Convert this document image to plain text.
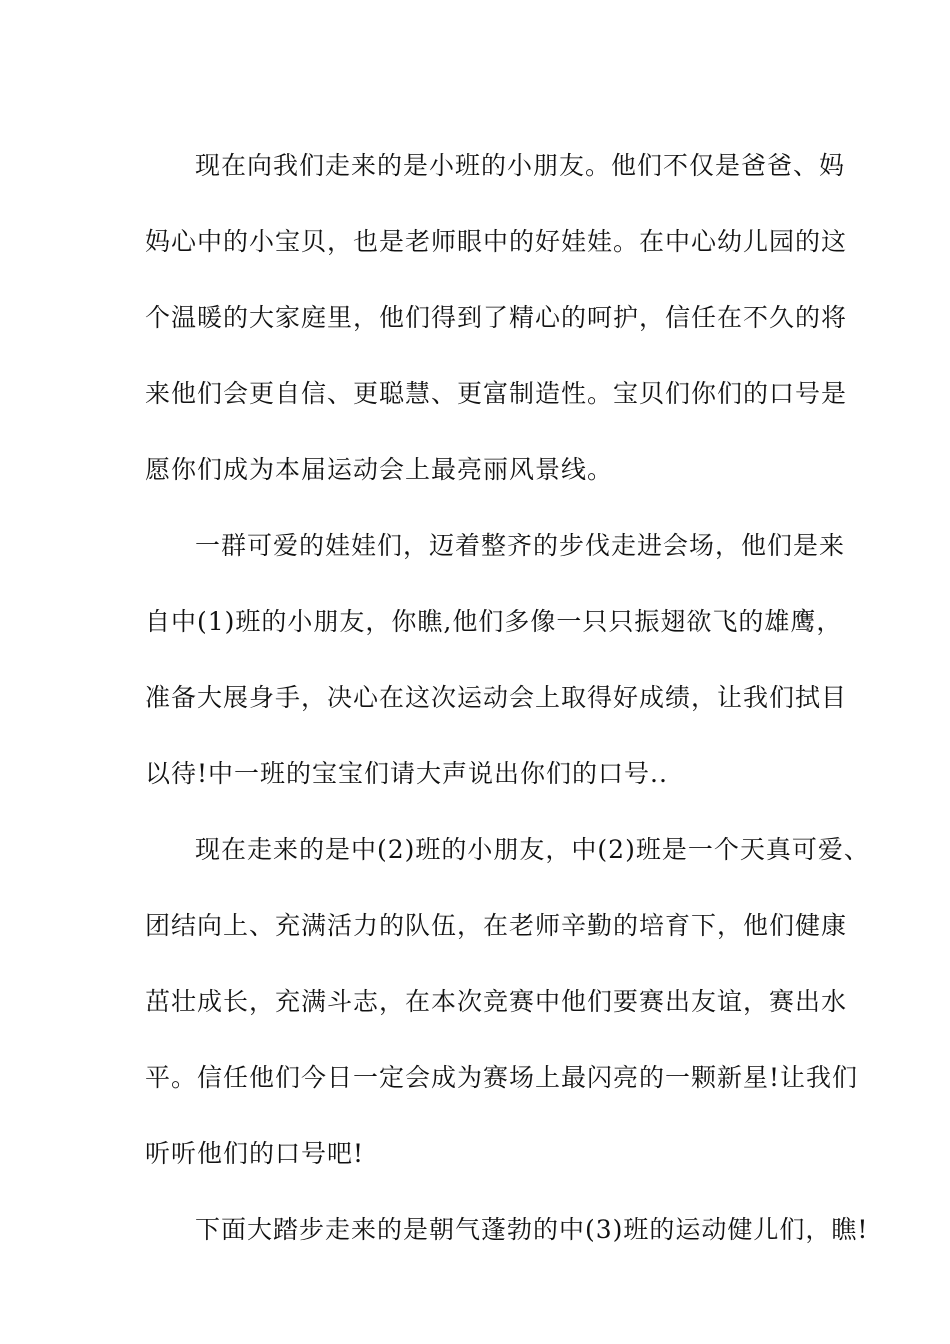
现在向我们走来的是小班的小朋友。他们不仅是爸爸、妈
妈心中的小宝贝，也是老师眼中的好娃娃。在中心幼儿园的这
个温暖的大家庭里，他们得到了精心的呵护，信任在不久的将
来他们会更自信、更聪慧、更富制造性。宝贝们你们的口号是
愿你们成为本届运动会上最亮丽风景线。
一群可爱的娃娃们，迈着整齐的步伐走进会场，他们是来
自中(1)班的小朋友，你瞧,他们多像一只只振翅欲飞的雄鹰，
准备大展身手，决心在这次运动会上取得好成绩，让我们拭目
以待!中一班的宝宝们请大声说出你们的口号..
现在走来的是中(2)班的小朋友，中(2)班是一个天真可爱、
团结向上、充满活力的队伍，在老师辛勤的培育下，他们健康
茁壮成长，充满斗志，在本次竞赛中他们要赛出友谊，赛出水
平。信任他们今日一定会成为赛场上最闪亮的一颗新星!让我们
听听他们的口号吧!
下面大踏步走来的是朝气蓬勃的中(3)班的运动健儿们，瞧!
